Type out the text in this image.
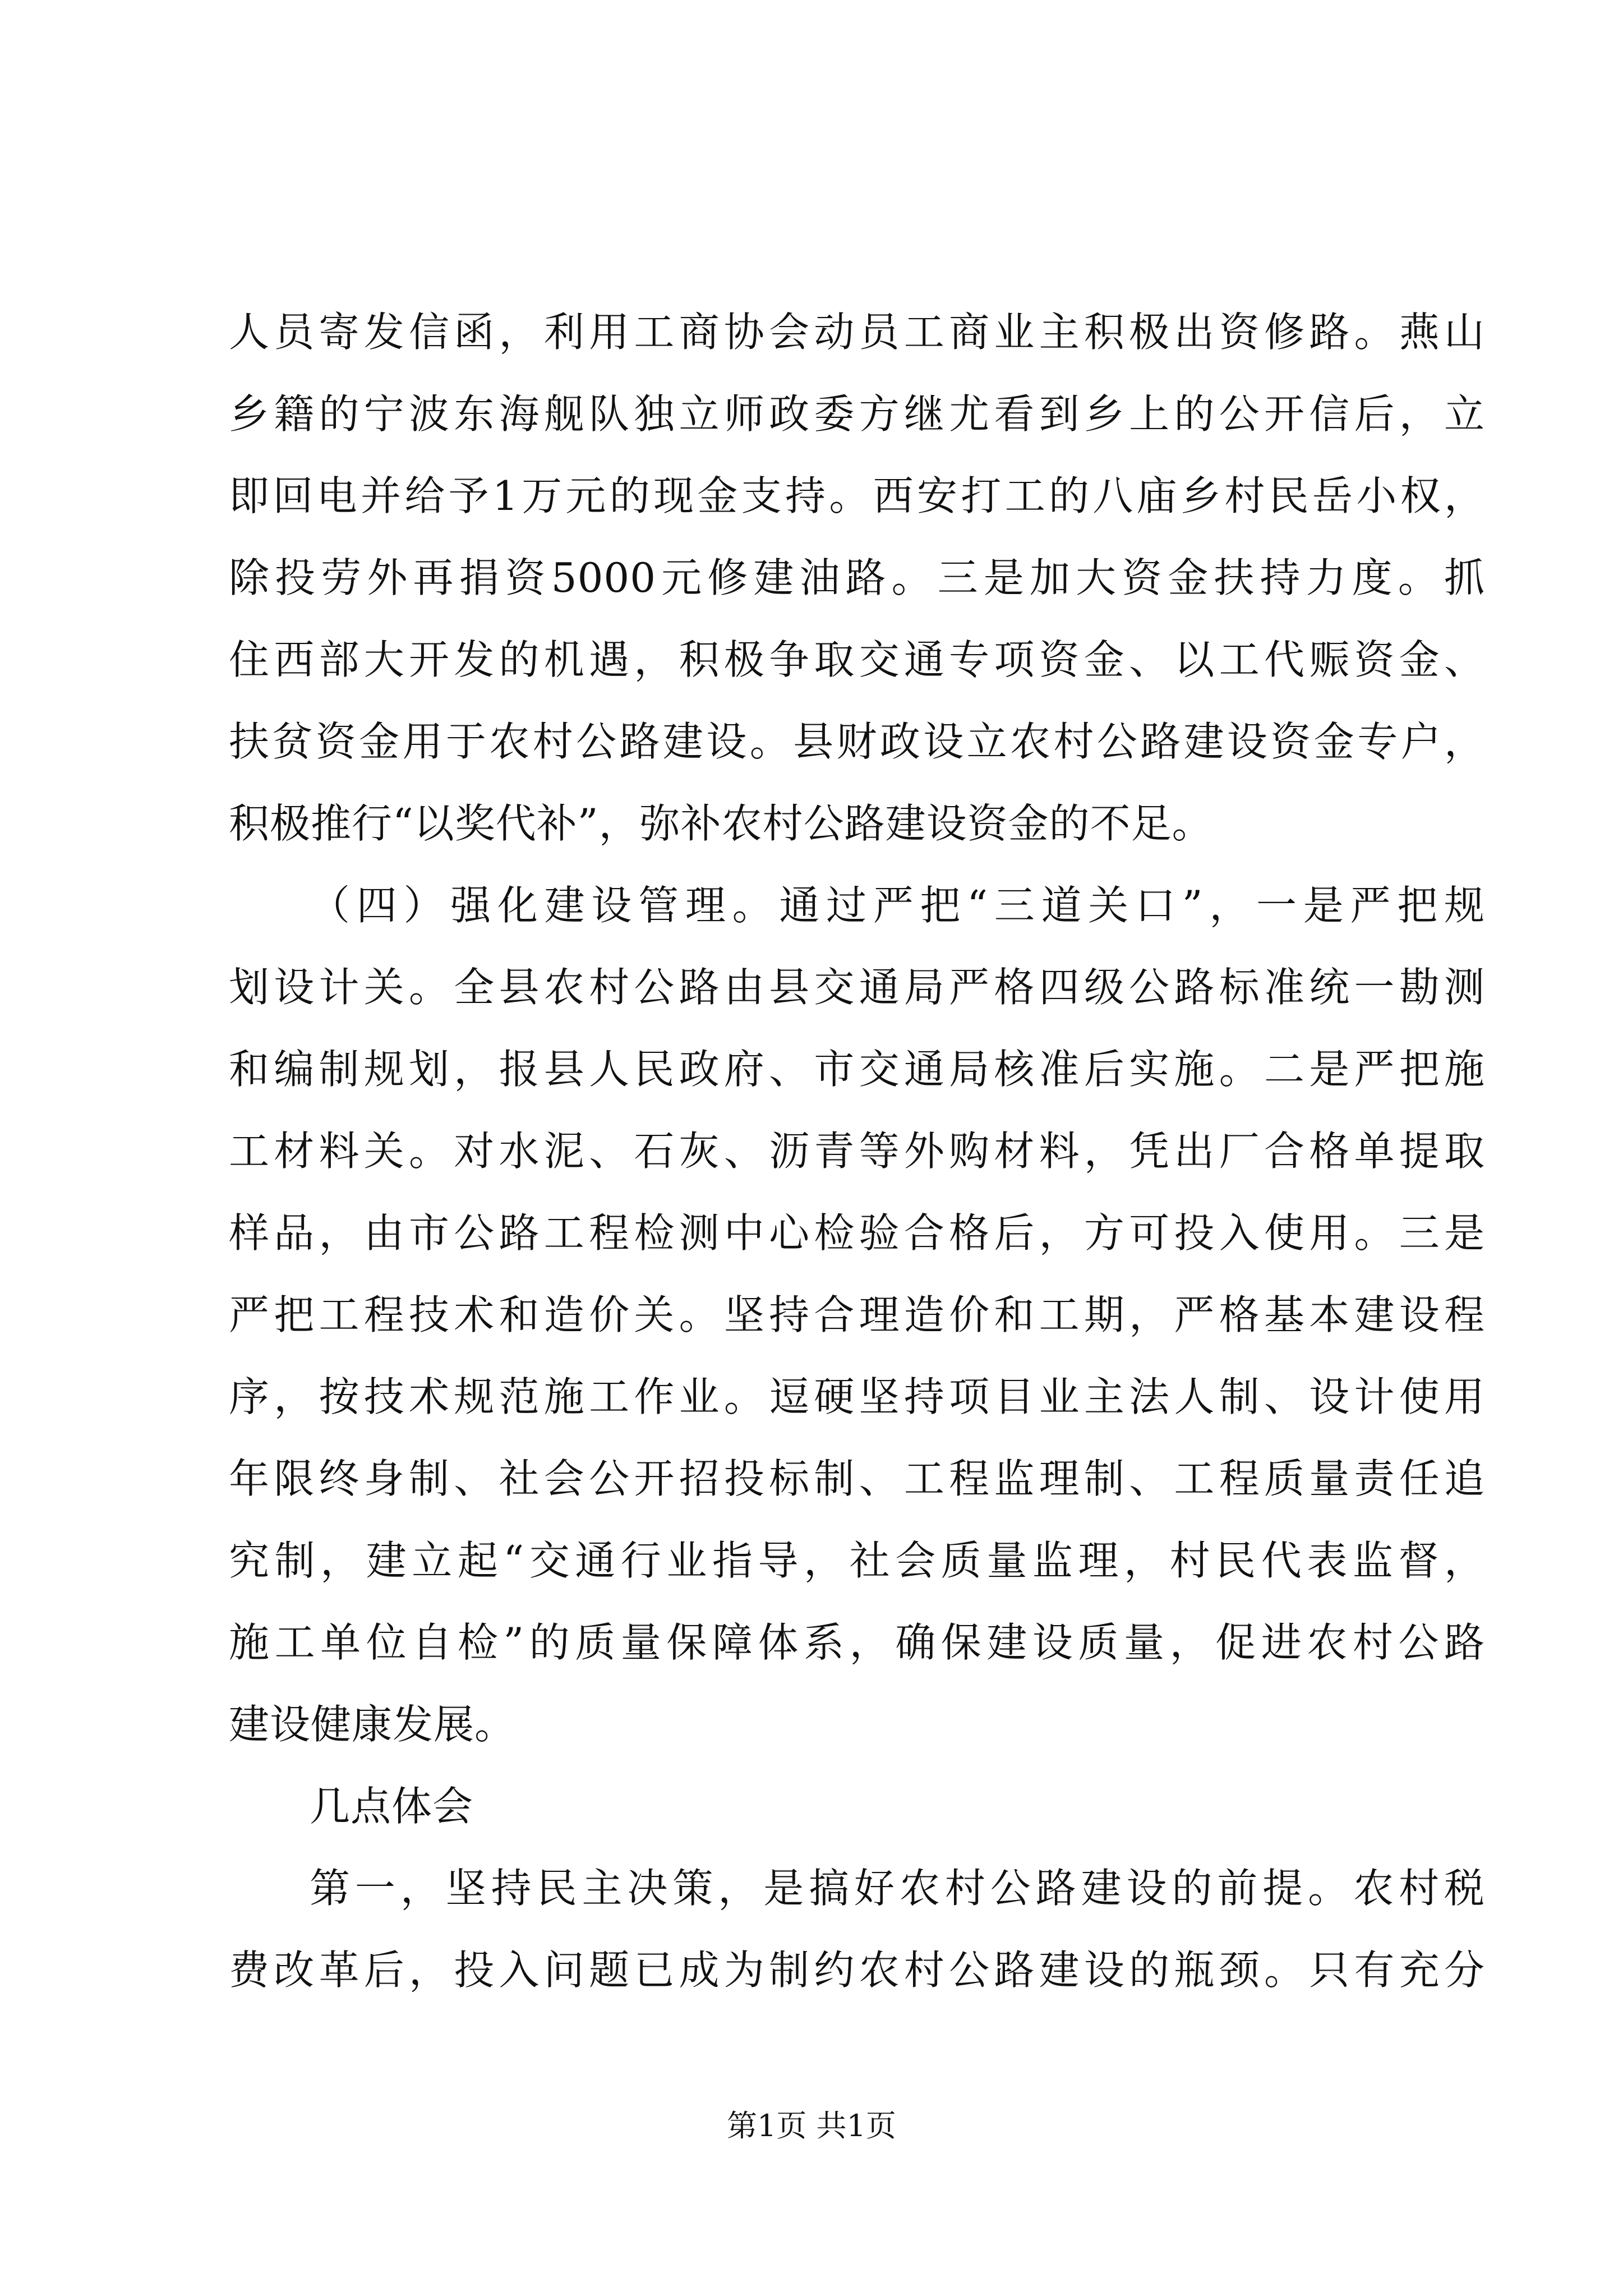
人员寄发信函，利用工商协会动员工商业主积极出资修路。燕山
乡籍的宁波东海舰队独立师政委方继尤看到乡上的公开信后，立
即回电并给予1万元的现金支持。西安打工的八庙乡村民岳小权，
除投劳外再捐资5000元修建油路。三是加大资金扶持力度。抓
住西部大开发的机遇，积极争取交通专项资金、以工代赈资金、
扶贫资金用于农村公路建设。县财政设立农村公路建设资金专户，
积极推行“以奖代补”，弥补农村公路建设资金的不足。
（四）强化建设管理。通过严把“三道关口”，一是严把规
划设计关。全县农村公路由县交通局严格四级公路标准统一勘测
和编制规划，报县人民政府、市交通局核准后实施。二是严把施
工材料关。对水泥、石灰、沥青等外购材料，凭出厂合格单提取
样品，由市公路工程检测中心检验合格后，方可投入使用。三是
严把工程技术和造价关。坚持合理造价和工期，严格基本建设程
序，按技术规范施工作业。逗硬坚持项目业主法人制、设计使用
年限终身制、社会公开招投标制、工程监理制、工程质量责任追
究制，建立起“交通行业指导，社会质量监理，村民代表监督，
施工单位自检”的质量保障体系，确保建设质量，促进农村公路
建设健康发展。
几点体会
第一，坚持民主决策，是搞好农村公路建设的前提。农村税
费改革后，投入问题已成为制约农村公路建设的瓶颈。只有充分
第1页 共1页
